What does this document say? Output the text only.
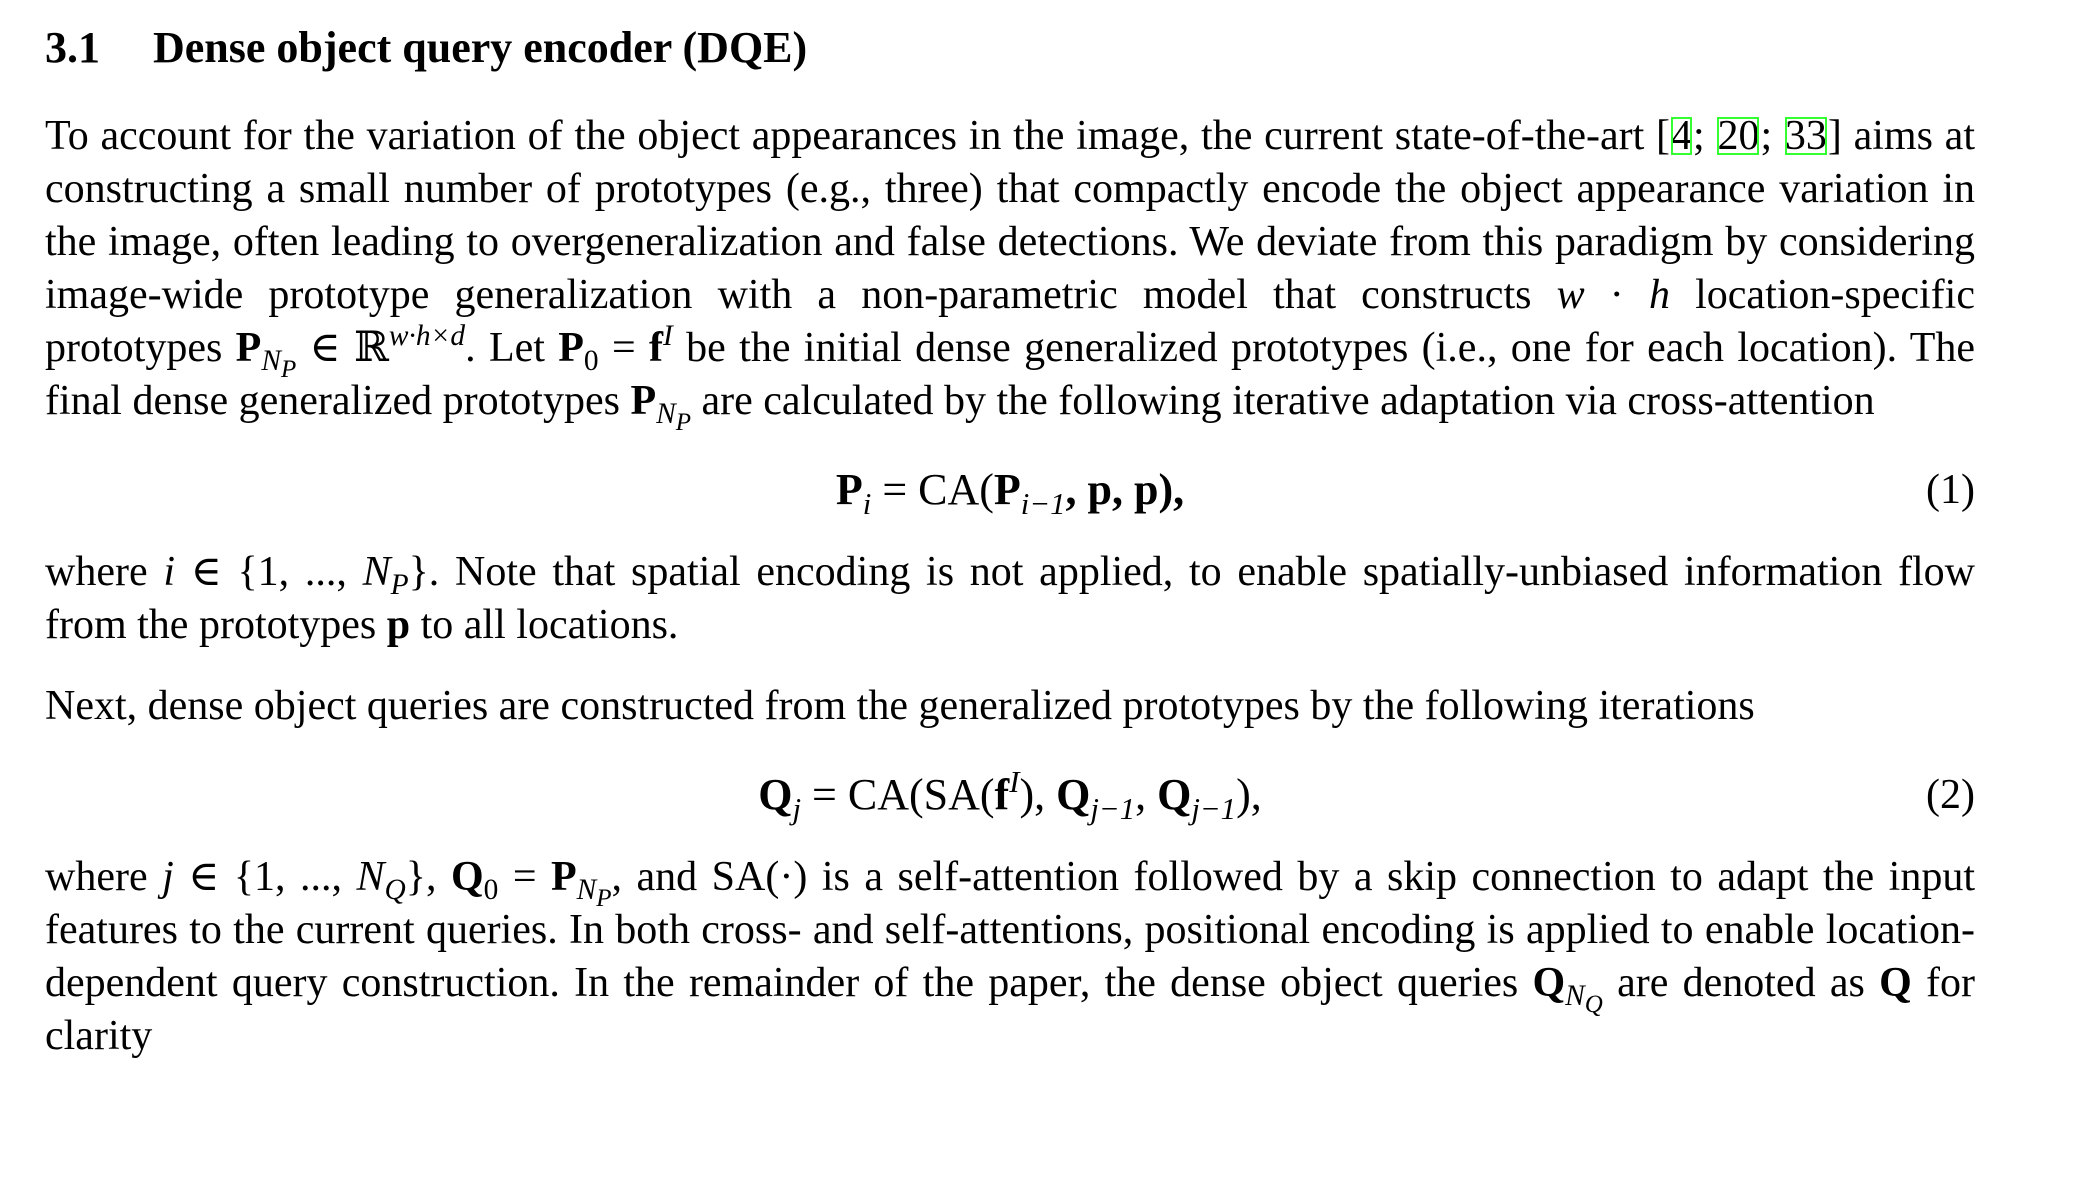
3.1 Dense object query encoder (DQE)

To account for the variation of the object appearances in the image, the current state-of-the-art [4; 20; 33] aims at constructing a small number of prototypes (e.g., three) that compactly encode the object appearance variation in the image, often leading to overgeneralization and false detections. We deviate from this paradigm by considering image-wide prototype generalization with a non-parametric model that constructs w · h location-specific prototypes $P_{N_P}$ ∈ ℝ$^{w\cdot h\times d}$. Let $P_0 = f^I$ be the initial dense generalized prototypes (i.e., one for each location). The final dense generalized prototypes $P_{N_P}$ are calculated by the following iterative adaptation via cross-attention

$P_i = CA(P_{i-1}$, p, p),	(1)

where i ∈ {1, ..., $N_P$}. Note that spatial encoding is not applied, to enable spatially-unbiased information flow from the prototypes p to all locations.

Next, dense object queries are constructed from the generalized prototypes by the following iterations

$Q_j = CA(SA(f^I)$, $Q_{j-1}$, $Q_{j-1}$),	(2)

where j ∈ {1, ..., $N_Q$}, $Q_0 = P_{N_P}$, and SA(·) is a self-attention followed by a skip connection to adapt the input features to the current queries. In both cross- and self-attentions, positional encoding is applied to enable location-dependent query construction. In the remainder of the paper, the dense object queries $Q_{N_Q}$ are denoted as Q for clarity
